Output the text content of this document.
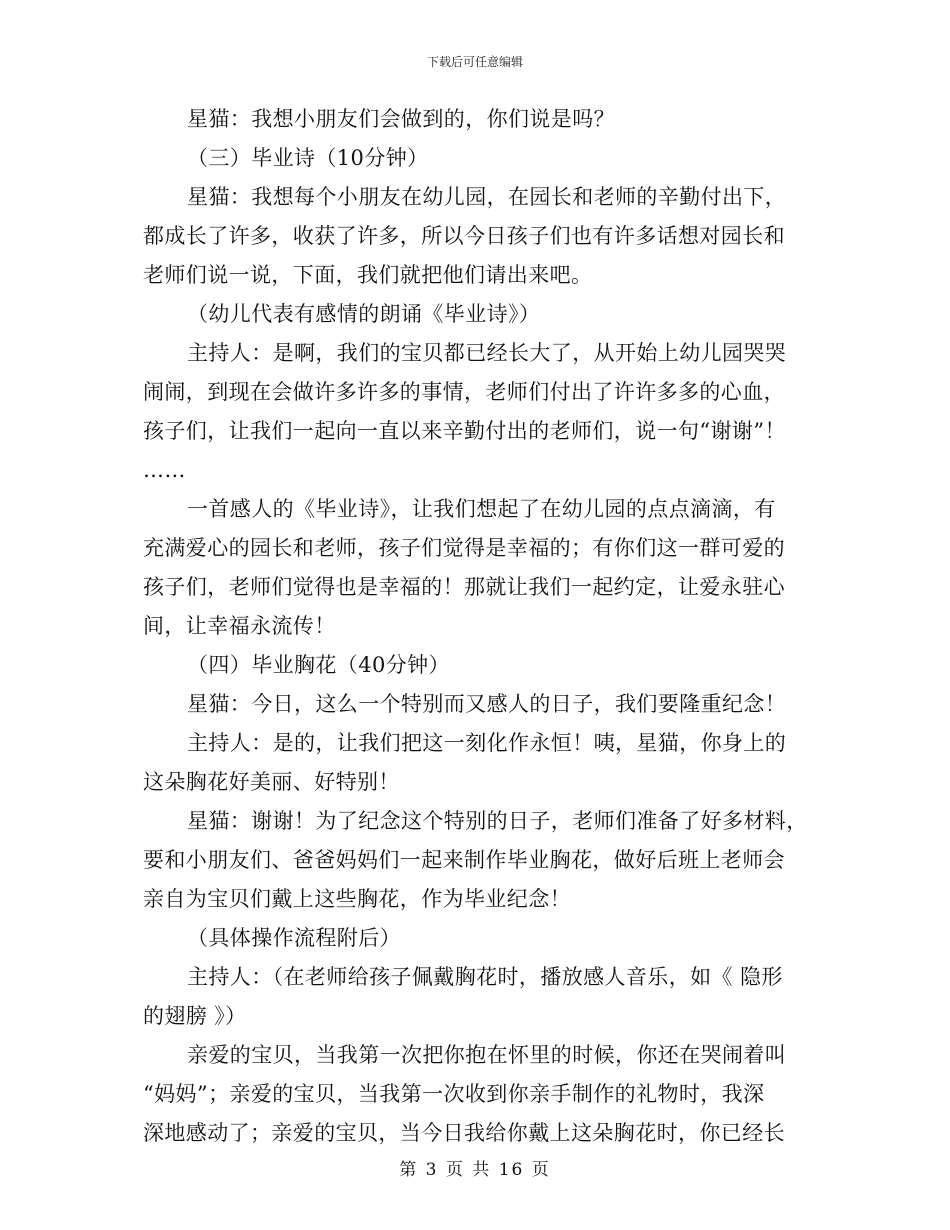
下载后可任意编辑
星猫：我想小朋友们会做到的，你们说是吗？
（三）毕业诗（10分钟）
星猫：我想每个小朋友在幼儿园，在园长和老师的辛勤付出下，
都成长了许多，收获了许多，所以今日孩子们也有许多话想对园长和
老师们说一说，下面，我们就把他们请出来吧。
（幼儿代表有感情的朗诵《毕业诗》）
主持人：是啊，我们的宝贝都已经长大了，从开始上幼儿园哭哭
闹闹，到现在会做许多许多的事情，老师们付出了许许多多的心血，
孩子们，让我们一起向一直以来辛勤付出的老师们，说一句“谢谢”！
……
一首感人的《毕业诗》，让我们想起了在幼儿园的点点滴滴，有
充满爱心的园长和老师，孩子们觉得是幸福的；有你们这一群可爱的
孩子们，老师们觉得也是幸福的！那就让我们一起约定，让爱永驻心
间，让幸福永流传！
（四）毕业胸花（40分钟）
星猫：今日，这么一个特别而又感人的日子，我们要隆重纪念！
主持人：是的，让我们把这一刻化作永恒！咦，星猫，你身上的
这朵胸花好美丽、好特别！
星猫：谢谢！为了纪念这个特别的日子，老师们准备了好多材料，
要和小朋友们、爸爸妈妈们一起来制作毕业胸花，做好后班上老师会
亲自为宝贝们戴上这些胸花，作为毕业纪念！
（具体操作流程附后）
主持人：（在老师给孩子佩戴胸花时，播放感人音乐，如《 隐形
的翅膀 》）
亲爱的宝贝，当我第一次把你抱在怀里的时候，你还在哭闹着叫
“妈妈”；亲爱的宝贝，当我第一次收到你亲手制作的礼物时，我深
深地感动了；亲爱的宝贝，当今日我给你戴上这朵胸花时，你已经长
第 3 页 共 16 页
